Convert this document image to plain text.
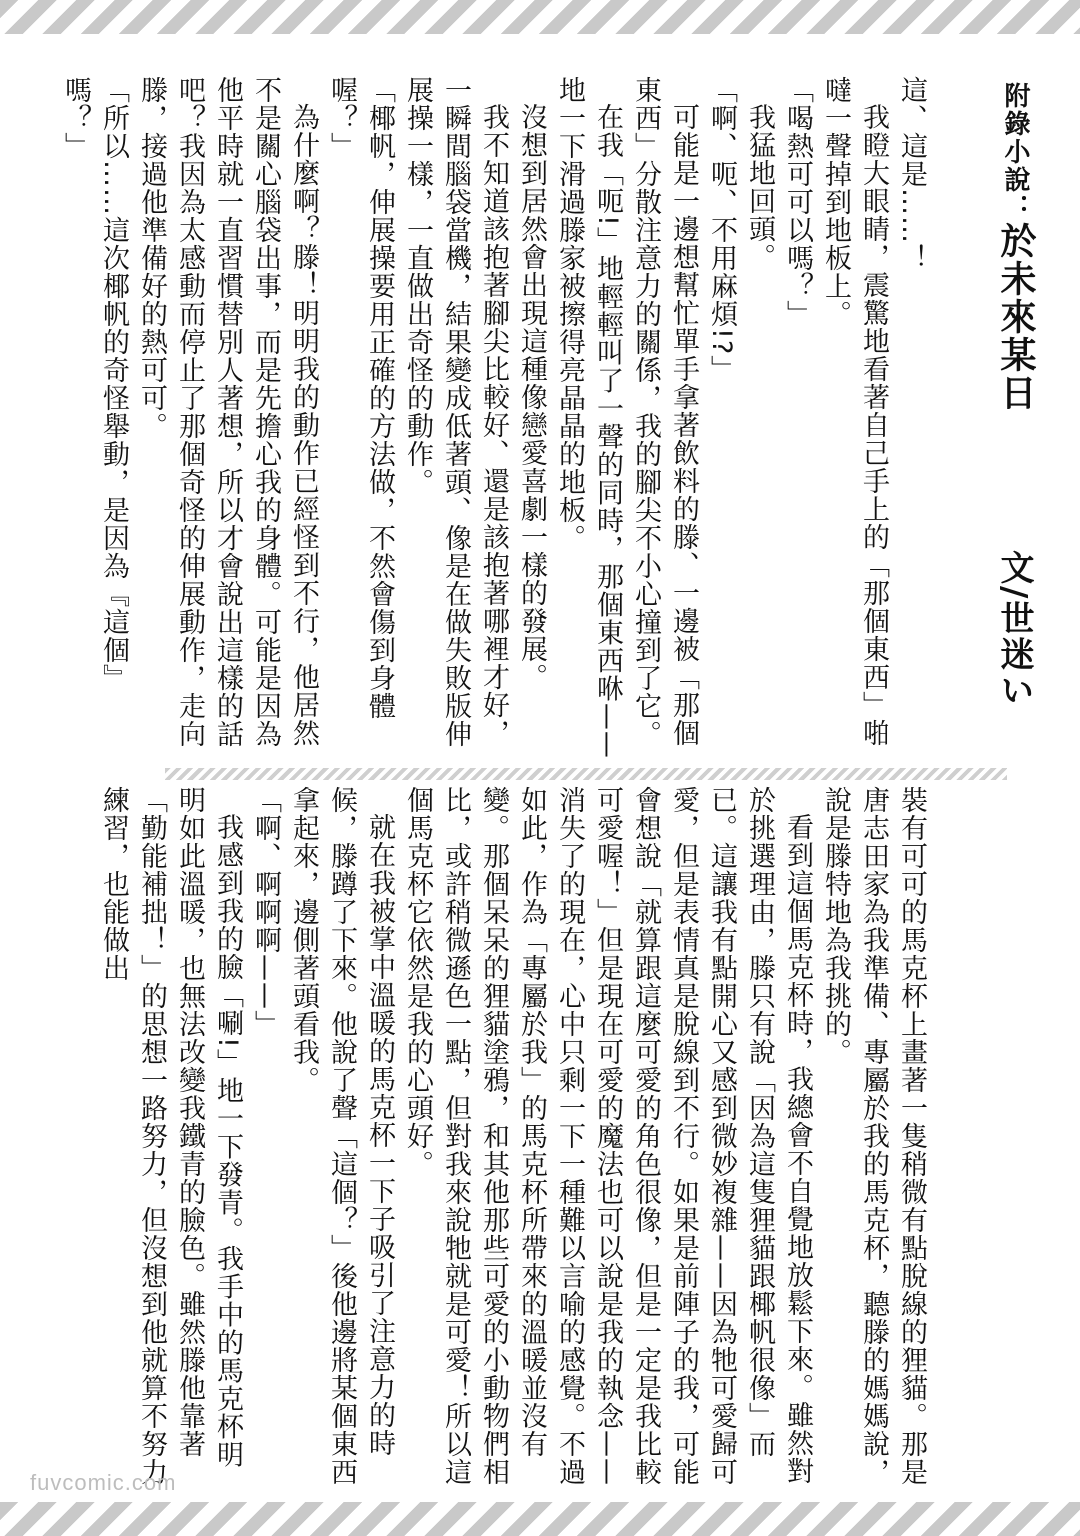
附錄小說：於未來某日
文/世迷い

這、這是……！

我瞪大眼睛，震驚地看著自己手上的「那個東西」啪噠一聲掉到地板上。

「喝熱可可以嗎？」

我猛地回頭。

「啊、呃、不用麻煩!?」

可能是一邊想幫忙單手拿著飲料的滕、一邊被「那個東西」分散注意力的關係，我的腳尖不小心撞到了它。

在我「呃!」地輕輕叫了一聲的同時，那個東西咻——地一下滑過滕家被擦得亮晶晶的地板。

沒想到居然會出現這種像戀愛喜劇一樣的發展。

我不知道該抱著腳尖比較好、還是該抱著哪裡才好，一瞬間腦袋當機，結果變成低著頭、像是在做失敗版伸展操一樣，一直做出奇怪的動作。

「椰帆，伸展操要用正確的方法做，不然會傷到身體喔？」

為什麼啊？滕！明明我的動作已經怪到不行，他居然不是關心腦袋出事，而是先擔心我的身體。可能是因為他平時就一直習慣替別人著想，所以才會說出這樣的話吧？我因為太感動而停止了那個奇怪的伸展動作，走向滕，接過他準備好的熱可可。

「所以……這次椰帆的奇怪舉動，是因為『這個』嗎？」

裝有可可的馬克杯上畫著一隻稍微有點脫線的狸貓。那是唐志田家為我準備、專屬於我的馬克杯，聽滕的媽媽說，說是滕特地為我挑的。

看到這個馬克杯時，我總會不自覺地放鬆下來。雖然對於挑選理由，滕只有說「因為這隻狸貓跟椰帆很像」而已。這讓我有點開心又感到微妙複雜——因為牠可愛歸可愛，但是表情真是脫線到不行。如果是前陣子的我，可能會想說「就算跟這麼可愛的角色很像，但是一定是我比較可愛喔！」但是現在可愛的魔法也可以說是我的執念——消失了的現在，心中只剩一下一種難以言喻的感覺。不過如此，作為「專屬於我」的馬克杯所帶來的溫暖並沒有變。那個呆呆的狸貓塗鴉，和其他那些可愛的小動物們相比，或許稍微遜色一點，但對我來說牠就是可愛！所以這個馬克杯它依然是我的心頭好。

就在我被掌中溫暖的馬克杯一下子吸引了注意力的時候，滕蹲了下來。他說了聲「這個？」後他邊將某個東西拿起來，邊側著頭看我。

「啊、啊啊啊——」

我感到我的臉「唰!」地一下發青。我手中的馬克杯明明如此溫暖，也無法改變我鐵青的臉色。雖然滕他靠著「勤能補拙！」的思想一路努力，但沒想到他就算不努力練習，也能做出

fuvcomic.com
